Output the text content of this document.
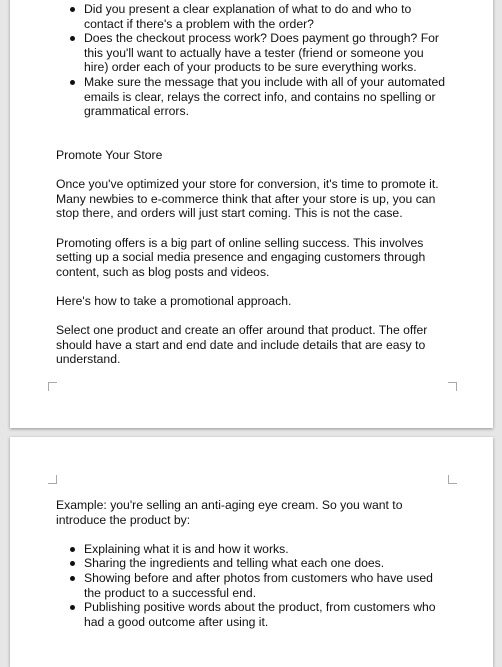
Did you present a clear explanation of what to do and who to contact if there's a problem with the order?
Does the checkout process work? Does payment go through? For this you'll want to actually have a tester (friend or someone you hire) order each of your products to be sure everything works.
Make sure the message that you include with all of your automated emails is clear, relays the correct info, and contains no spelling or grammatical errors.

Promote Your Store

Once you've optimized your store for conversion, it's time to promote it. Many newbies to e-commerce think that after your store is up, you can stop there, and orders will just start coming. This is not the case.

Promoting offers is a big part of online selling success. This involves setting up a social media presence and engaging customers through content, such as blog posts and videos.

Here's how to take a promotional approach.

Select one product and create an offer around that product. The offer should have a start and end date and include details that are easy to understand.

Example: you're selling an anti-aging eye cream. So you want to introduce the product by:

Explaining what it is and how it works.
Sharing the ingredients and telling what each one does.
Showing before and after photos from customers who have used the product to a successful end.
Publishing positive words about the product, from customers who had a good outcome after using it.
